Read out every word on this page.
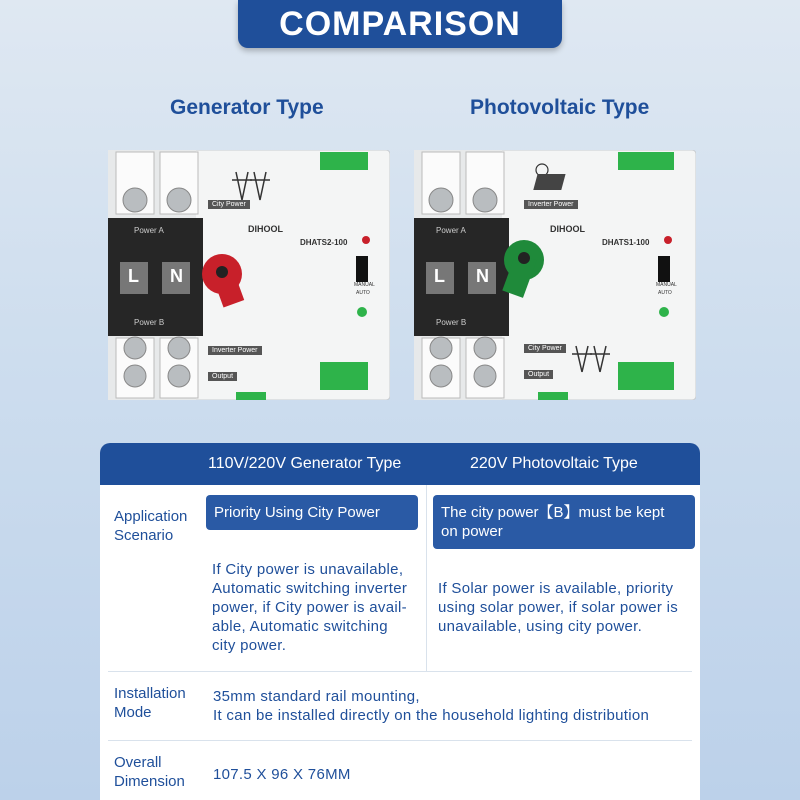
COMPARISON
Generator Type	Photovoltaic Type
City Power
DIHOOL
DHATS2-100
Power A
Power B
L N
Inverter Power
Output
MANUAL
AUTO
Inverter Power
DIHOOL
DHATS1-100
Power A
Power B
L N
City Power
Output
MANUAL
AUTO
110V/220V Generator Type	220V Photovoltaic Type
Application
Scenario
Priority Using City Power
If City power is unavailable,
Automatic switching inverter
power, if City power is avail-
able, Automatic switching
city power.
The city power【B】must be kept
on power
If Solar power is available, priority
using solar power, if solar power is
unavailable, using city power.
Installation
Mode
35mm standard rail mounting,
It can be installed directly on the household lighting distribution
Overall
Dimension 107.5 X 96 X 76MM
